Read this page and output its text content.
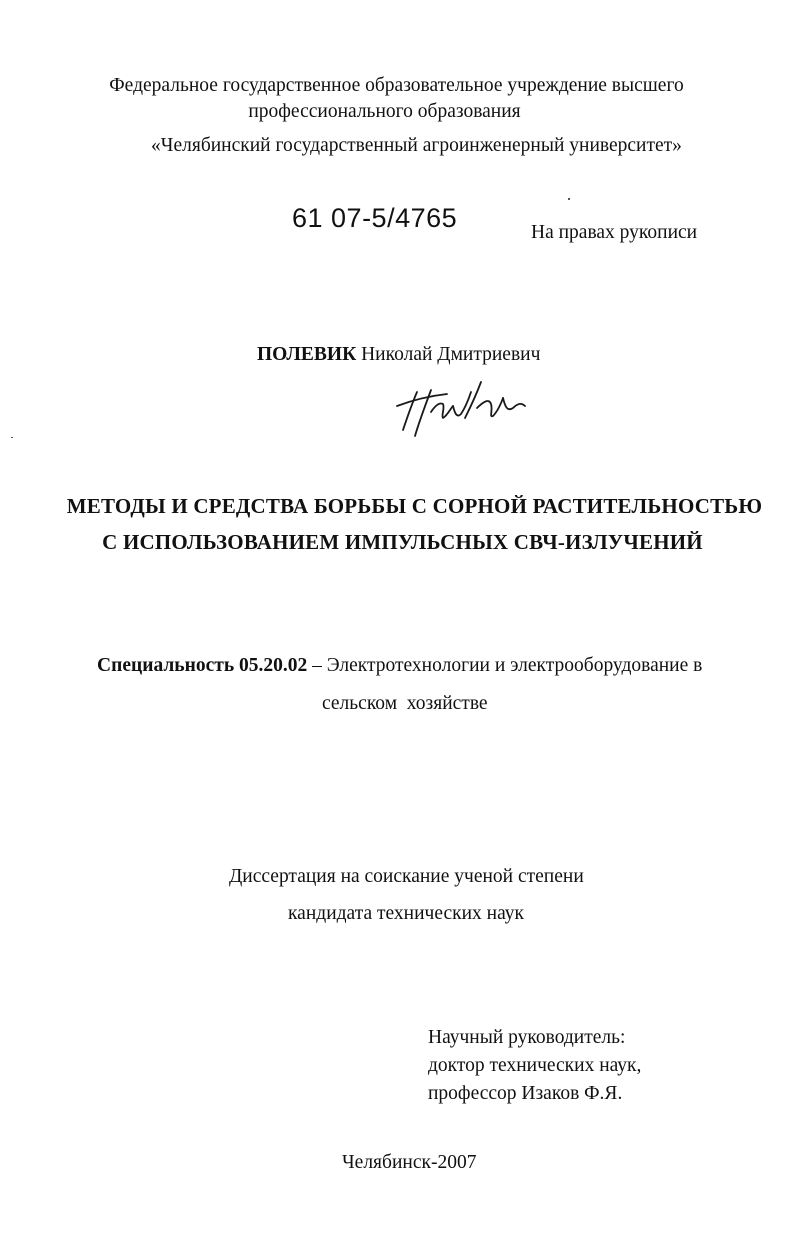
Федеральное государственное образовательное учреждение высшего
профессионального образования
«Челябинский государственный агроинженерный университет»
61 07-5/4765	На правах рукописи
ПОЛЕВИК Николай Дмитриевич
МЕТОДЫ И СРЕДСТВА БОРЬБЫ С СОРНОЙ РАСТИТЕЛЬНОСТЬЮ
С ИСПОЛЬЗОВАНИЕМ ИМПУЛЬСНЫХ СВЧ-ИЗЛУЧЕНИЙ
Специальность 05.20.02 – Электротехнологии и электрооборудование в
сельском  хозяйстве
Диссертация на соискание ученой степени
кандидата технических наук
Научный руководитель:
доктор технических наук,
профессор Изаков Ф.Я.
Челябинск-2007
